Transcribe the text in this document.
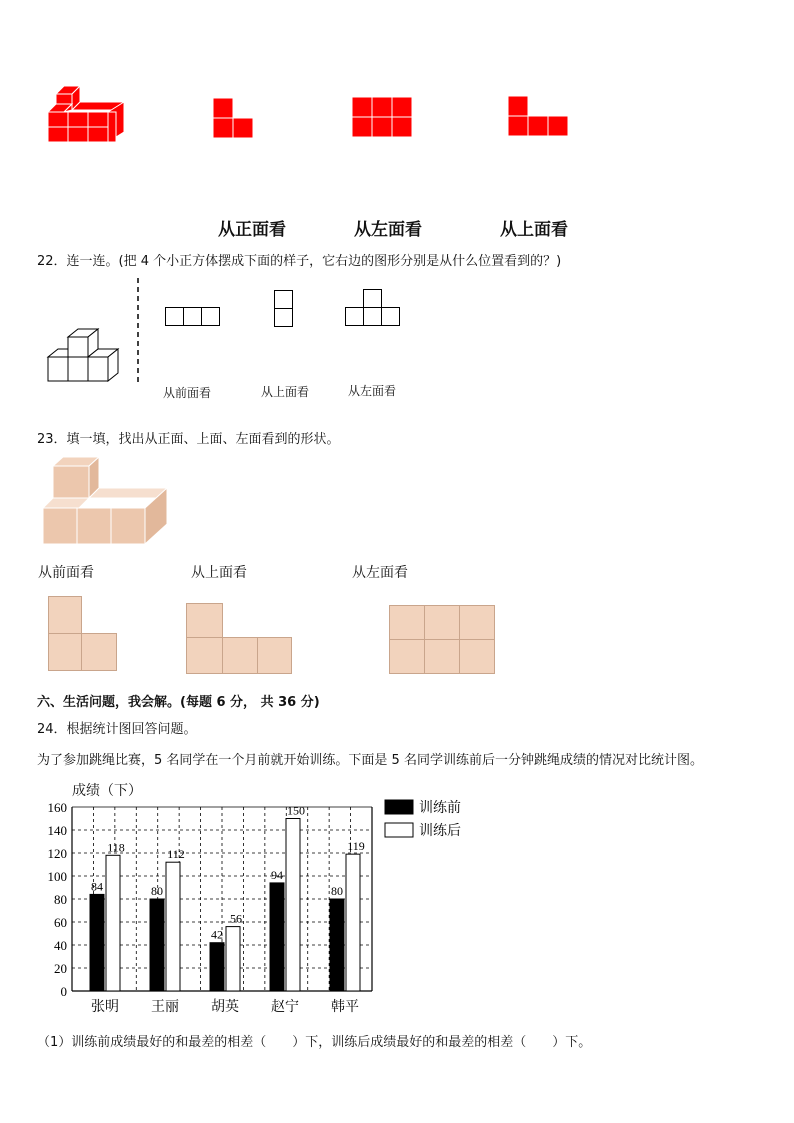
从正面看	从左面看	从上面看
22．连一连。(把 4 个小正方体摆成下面的样子，它右边的图形分别是从什么位置看到的？)
从前面看	从上面看	从左面看
23．填一填，找出从正面、上面、左面看到的形状。
从前面看	从上面看	从左面看
六、生活问题，我会解。(每题 6 分， 共 36 分)
24．根据统计图回答问题。
为了参加跳绳比赛，5 名同学在一个月前就开始训练。下面是 5 名同学训练前后一分钟跳绳成绩的情况对比统计图。
成绩（下）
0
20
40
60
80
100
120
140
160
84
118
张明
80
112
王丽
42
56
胡英
94
150
赵宁
80
119
韩平
训练前
训练后
（1）训练前成绩最好的和最差的相差（　　）下，训练后成绩最好的和最差的相差（　　）下。
